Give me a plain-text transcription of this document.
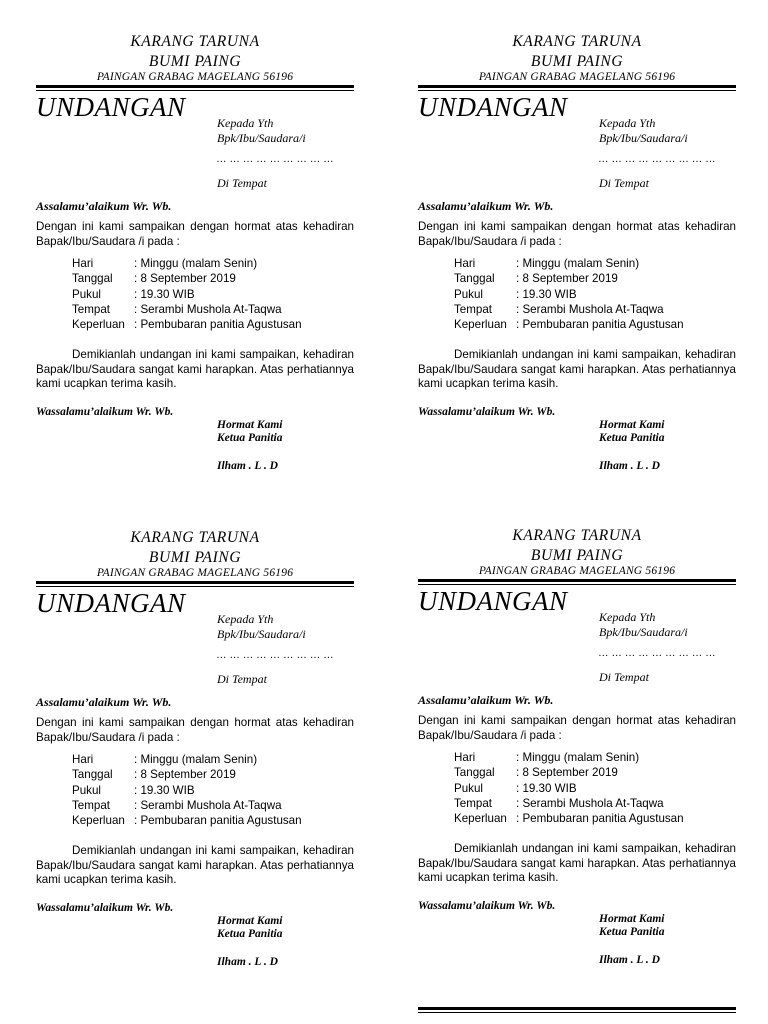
KARANG TARUNA
BUMI PAING
PAINGAN GRABAG MAGELANG 56196
UNDANGAN
Kepada Yth
Bpk/Ibu/Saudara/i
… … … … … … … … …
Di Tempat
Assalamu’alaikum Wr. Wb.
Dengan ini kami sampaikan dengan hormat atas kehadiran Bapak/Ibu/Saudara /i pada :
Hari	: Minggu (malam Senin)
Tanggal	: 8 September 2019
Pukul	: 19.30 WIB
Tempat	: Serambi Mushola At-Taqwa
Keperluan : Pembubaran panitia Agustusan
Demikianlah undangan ini kami sampaikan, kehadiran Bapak/Ibu/Saudara sangat kami harapkan. Atas perhatiannya kami ucapkan terima kasih.
Wassalamu’alaikum Wr. Wb.
Hormat Kami
Ketua Panitia
Ilham . L . D
KARANG TARUNA
BUMI PAING
PAINGAN GRABAG MAGELANG 56196
UNDANGAN
Kepada Yth
Bpk/Ibu/Saudara/i
… … … … … … … … …
Di Tempat
Assalamu’alaikum Wr. Wb.
Dengan ini kami sampaikan dengan hormat atas kehadiran Bapak/Ibu/Saudara /i pada :
Hari	: Minggu (malam Senin)
Tanggal	: 8 September 2019
Pukul	: 19.30 WIB
Tempat	: Serambi Mushola At-Taqwa
Keperluan : Pembubaran panitia Agustusan
Demikianlah undangan ini kami sampaikan, kehadiran Bapak/Ibu/Saudara sangat kami harapkan. Atas perhatiannya kami ucapkan terima kasih.
Wassalamu’alaikum Wr. Wb.
Hormat Kami
Ketua Panitia
Ilham . L . D
KARANG TARUNA
BUMI PAING
PAINGAN GRABAG MAGELANG 56196
UNDANGAN
Kepada Yth
Bpk/Ibu/Saudara/i
… … … … … … … … …
Di Tempat
Assalamu’alaikum Wr. Wb.
Dengan ini kami sampaikan dengan hormat atas kehadiran Bapak/Ibu/Saudara /i pada :
Hari	: Minggu (malam Senin)
Tanggal	: 8 September 2019
Pukul	: 19.30 WIB
Tempat	: Serambi Mushola At-Taqwa
Keperluan : Pembubaran panitia Agustusan
Demikianlah undangan ini kami sampaikan, kehadiran Bapak/Ibu/Saudara sangat kami harapkan. Atas perhatiannya kami ucapkan terima kasih.
Wassalamu’alaikum Wr. Wb.
Hormat Kami
Ketua Panitia
Ilham . L . D
KARANG TARUNA
BUMI PAING
PAINGAN GRABAG MAGELANG 56196
UNDANGAN
Kepada Yth
Bpk/Ibu/Saudara/i
… … … … … … … … …
Di Tempat
Assalamu’alaikum Wr. Wb.
Dengan ini kami sampaikan dengan hormat atas kehadiran Bapak/Ibu/Saudara /i pada :
Hari	: Minggu (malam Senin)
Tanggal	: 8 September 2019
Pukul	: 19.30 WIB
Tempat	: Serambi Mushola At-Taqwa
Keperluan : Pembubaran panitia Agustusan
Demikianlah undangan ini kami sampaikan, kehadiran Bapak/Ibu/Saudara sangat kami harapkan. Atas perhatiannya kami ucapkan terima kasih.
Wassalamu’alaikum Wr. Wb.
Hormat Kami
Ketua Panitia
Ilham . L . D
